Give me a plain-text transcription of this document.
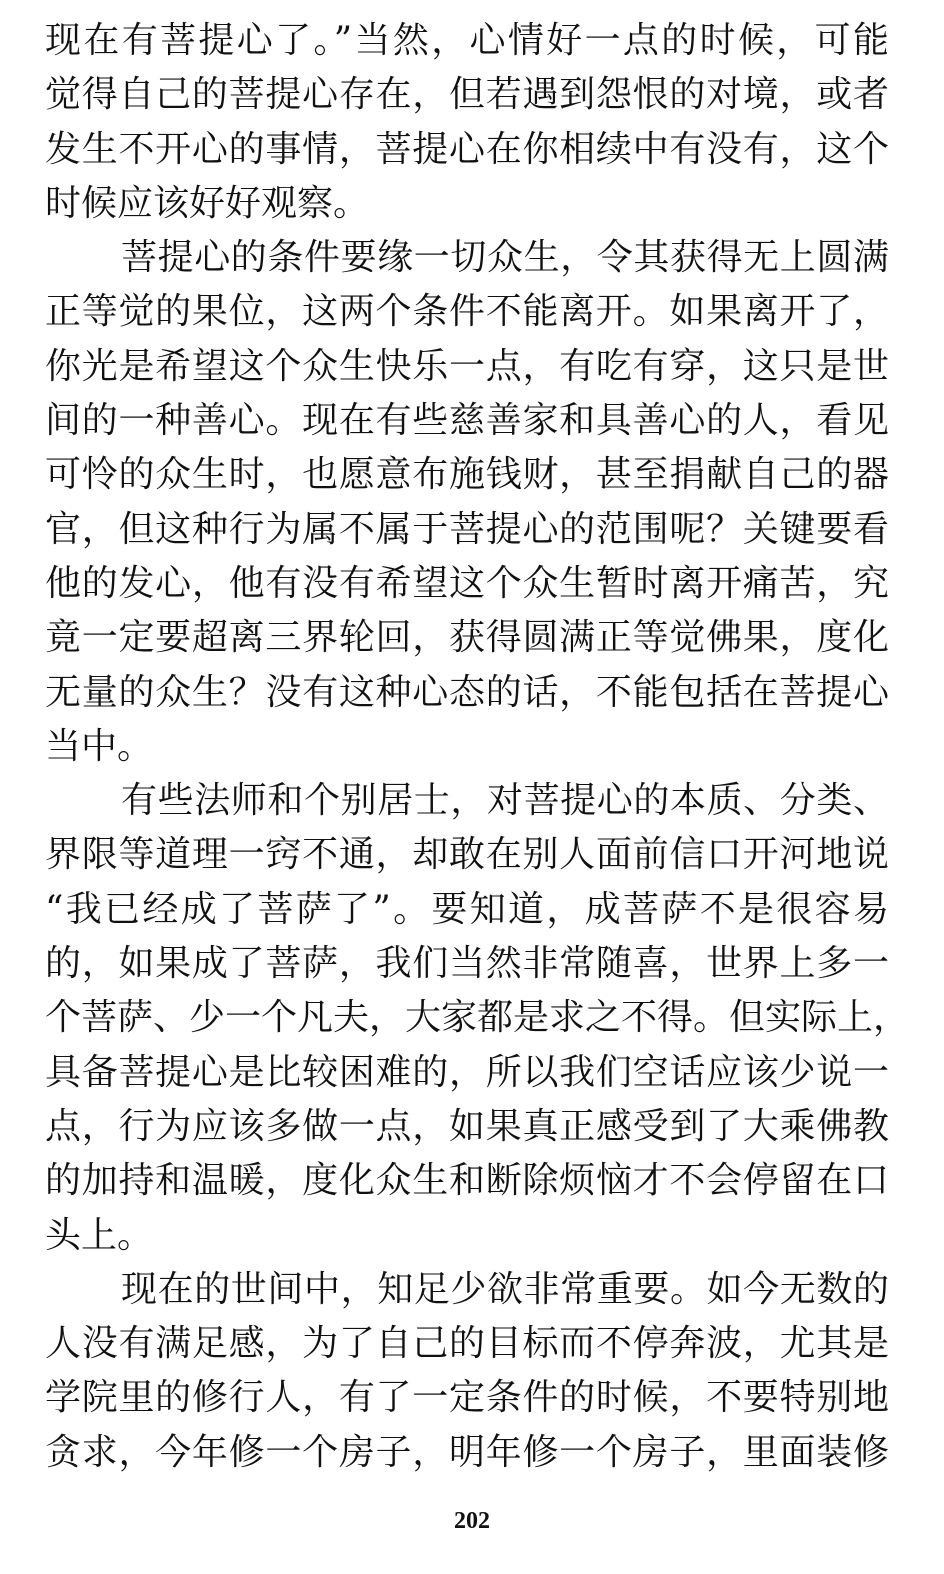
现在有菩提心了。”当然，心情好一点的时候，可能
觉得自己的菩提心存在，但若遇到怨恨的对境，或者
发生不开心的事情，菩提心在你相续中有没有，这个
时候应该好好观察。
菩提心的条件要缘一切众生，令其获得无上圆满
正等觉的果位，这两个条件不能离开。如果离开了，
你光是希望这个众生快乐一点，有吃有穿，这只是世
间的一种善心。现在有些慈善家和具善心的人，看见
可怜的众生时，也愿意布施钱财，甚至捐献自己的器
官，但这种行为属不属于菩提心的范围呢？关键要看
他的发心，他有没有希望这个众生暂时离开痛苦，究
竟一定要超离三界轮回，获得圆满正等觉佛果，度化
无量的众生？没有这种心态的话，不能包括在菩提心
当中。
有些法师和个别居士，对菩提心的本质、分类、
界限等道理一窍不通，却敢在别人面前信口开河地说
“我已经成了菩萨了”。要知道，成菩萨不是很容易
的，如果成了菩萨，我们当然非常随喜，世界上多一
个菩萨、少一个凡夫，大家都是求之不得。但实际上，
具备菩提心是比较困难的，所以我们空话应该少说一
点，行为应该多做一点，如果真正感受到了大乘佛教
的加持和温暖，度化众生和断除烦恼才不会停留在口
头上。
现在的世间中，知足少欲非常重要。如今无数的
人没有满足感，为了自己的目标而不停奔波，尤其是
学院里的修行人，有了一定条件的时候，不要特别地
贪求，今年修一个房子，明年修一个房子，里面装修
202
